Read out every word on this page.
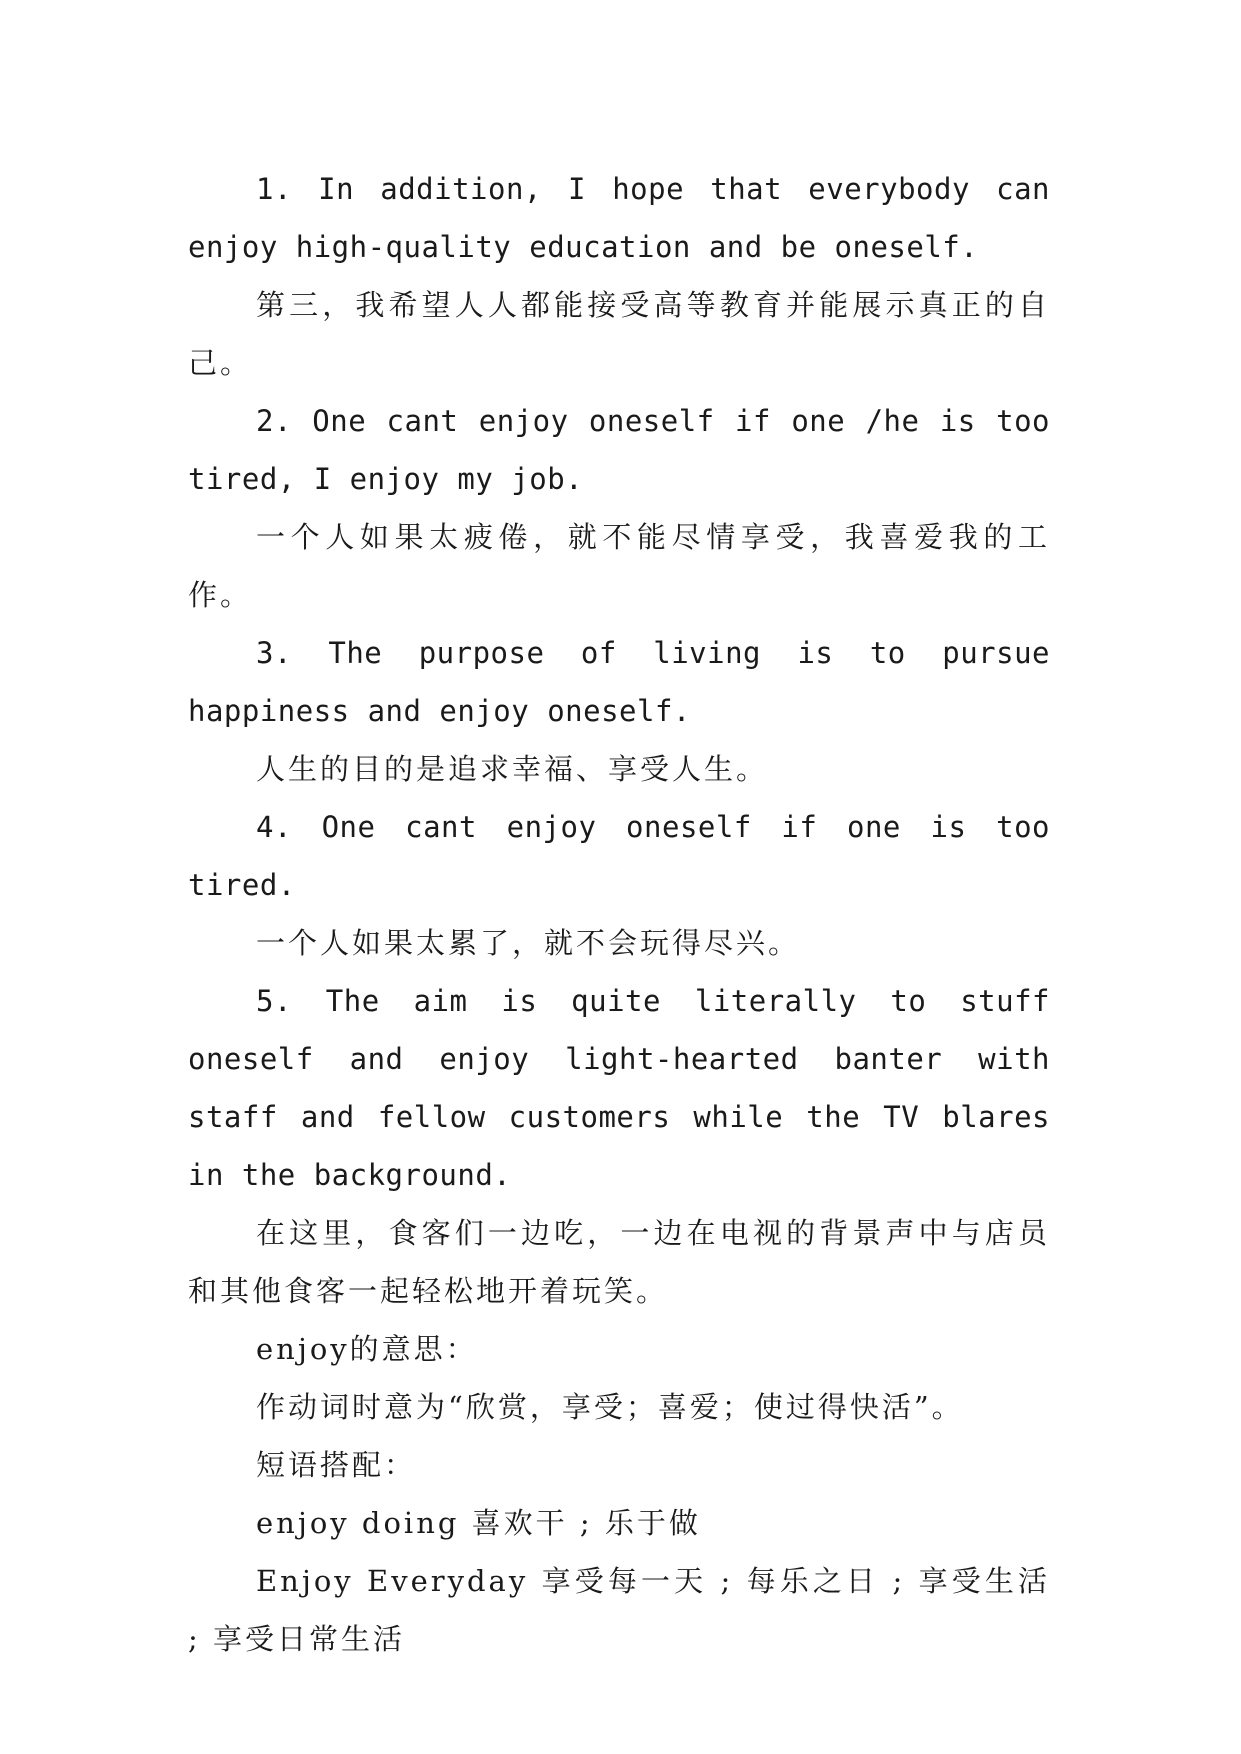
1. In addition, I hope that everybody can enjoy high-quality education and be oneself.

第三，我希望人人都能接受高等教育并能展示真正的自己。

2. One cant enjoy oneself if one /he is too tired, I enjoy my job.

一个人如果太疲倦，就不能尽情享受，我喜爱我的工作。

3. The purpose of living is to pursue happiness and enjoy oneself.

人生的目的是追求幸福、享受人生。

4. One cant enjoy oneself if one is too tired.

一个人如果太累了，就不会玩得尽兴。

5. The aim is quite literally to stuff oneself and enjoy light-hearted banter with staff and fellow customers while the TV blares in the background.

在这里，食客们一边吃，一边在电视的背景声中与店员和其他食客一起轻松地开着玩笑。

enjoy的意思：

作动词时意为“欣赏，享受；喜爱；使过得快活”。

短语搭配：

enjoy doing 喜欢干 ; 乐于做

Enjoy Everyday 享受每一天 ; 每乐之日 ; 享受生活 ; 享受日常生活
